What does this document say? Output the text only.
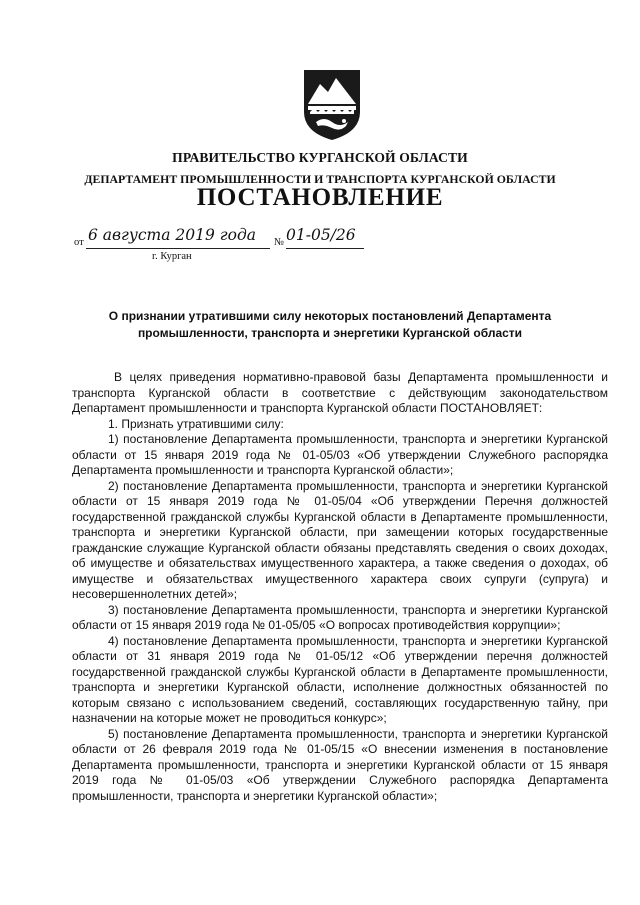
ПРАВИТЕЛЬСТВО КУРГАНСКОЙ ОБЛАСТИ
ДЕПАРТАМЕНТ ПРОМЫШЛЕННОСТИ И ТРАНСПОРТА КУРГАНСКОЙ ОБЛАСТИ
ПОСТАНОВЛЕНИЕ
от 6 августа 2019 года № 01-05/26
г. Курган
О признании утратившими силу некоторых постановлений Департамента промышленности, транспорта и энергетики Курганской области

В целях приведения нормативно-правовой базы Департамента промышленности и транспорта Курганской области в соответствие с действующим законодательством Департамент промышленности и транспорта Курганской области ПОСТАНОВЛЯЕТ:

1. Признать утратившими силу:

1) постановление Департамента промышленности, транспорта и энергетики Курганской области от 15 января 2019 года № 01-05/03 «Об утверждении Служебного распорядка Департамента промышленности и транспорта Курганской области»;

2) постановление Департамента промышленности, транспорта и энергетики Курганской области от 15 января 2019 года № 01-05/04 «Об утверждении Перечня должностей государственной гражданской службы Курганской области в Департаменте промышленности, транспорта и энергетики Курганской области, при замещении которых государственные гражданские служащие Курганской области обязаны представлять сведения о своих доходах, об имуществе и обязательствах имущественного характера, а также сведения о доходах, об имуществе и обязательствах имущественного характера своих супруги (супруга) и несовершеннолетних детей»;

3) постановление Департамента промышленности, транспорта и энергетики Курганской области от 15 января 2019 года № 01-05/05 «О вопросах противодействия коррупции»;

4) постановление Департамента промышленности, транспорта и энергетики Курганской области от 31 января 2019 года № 01-05/12 «Об утверждении перечня должностей государственной гражданской службы Курганской области в Департаменте промышленности, транспорта и энергетики Курганской области, исполнение должностных обязанностей по которым связано с использованием сведений, составляющих государственную тайну, при назначении на которые может не проводиться конкурс»;

5) постановление Департамента промышленности, транспорта и энергетики Курганской области от 26 февраля 2019 года № 01-05/15 «О внесении изменения в постановление Департамента промышленности, транспорта и энергетики Курганской области от 15 января 2019 года № 01-05/03 «Об утверждении Служебного распорядка Департамента промышленности, транспорта и энергетики Курганской области»;
